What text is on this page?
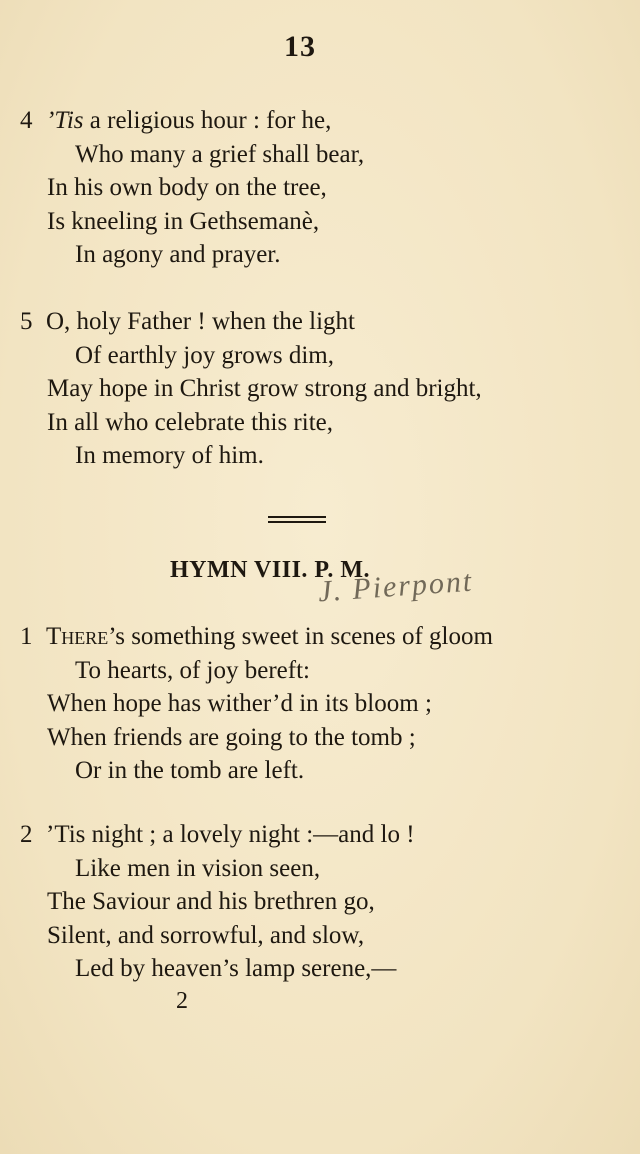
13
4 ’Tis a religious hour : for he,
Who many a grief shall bear,
In his own body on the tree,
Is kneeling in Gethsemanè,
In agony and prayer.
5 O, holy Father ! when the light
Of earthly joy grows dim,
May hope in Christ grow strong and bright,
In all who celebrate this rite,
In memory of him.
HYMN VIII. P. M.
J. Pierpont
1 There’s something sweet in scenes of gloom
To hearts, of joy bereft:
When hope has wither’d in its bloom ;
When friends are going to the tomb ;
Or in the tomb are left.
2 ’Tis night ; a lovely night :—and lo !
Like men in vision seen,
The Saviour and his brethren go,
Silent, and sorrowful, and slow,
Led by heaven’s lamp serene,—
2
